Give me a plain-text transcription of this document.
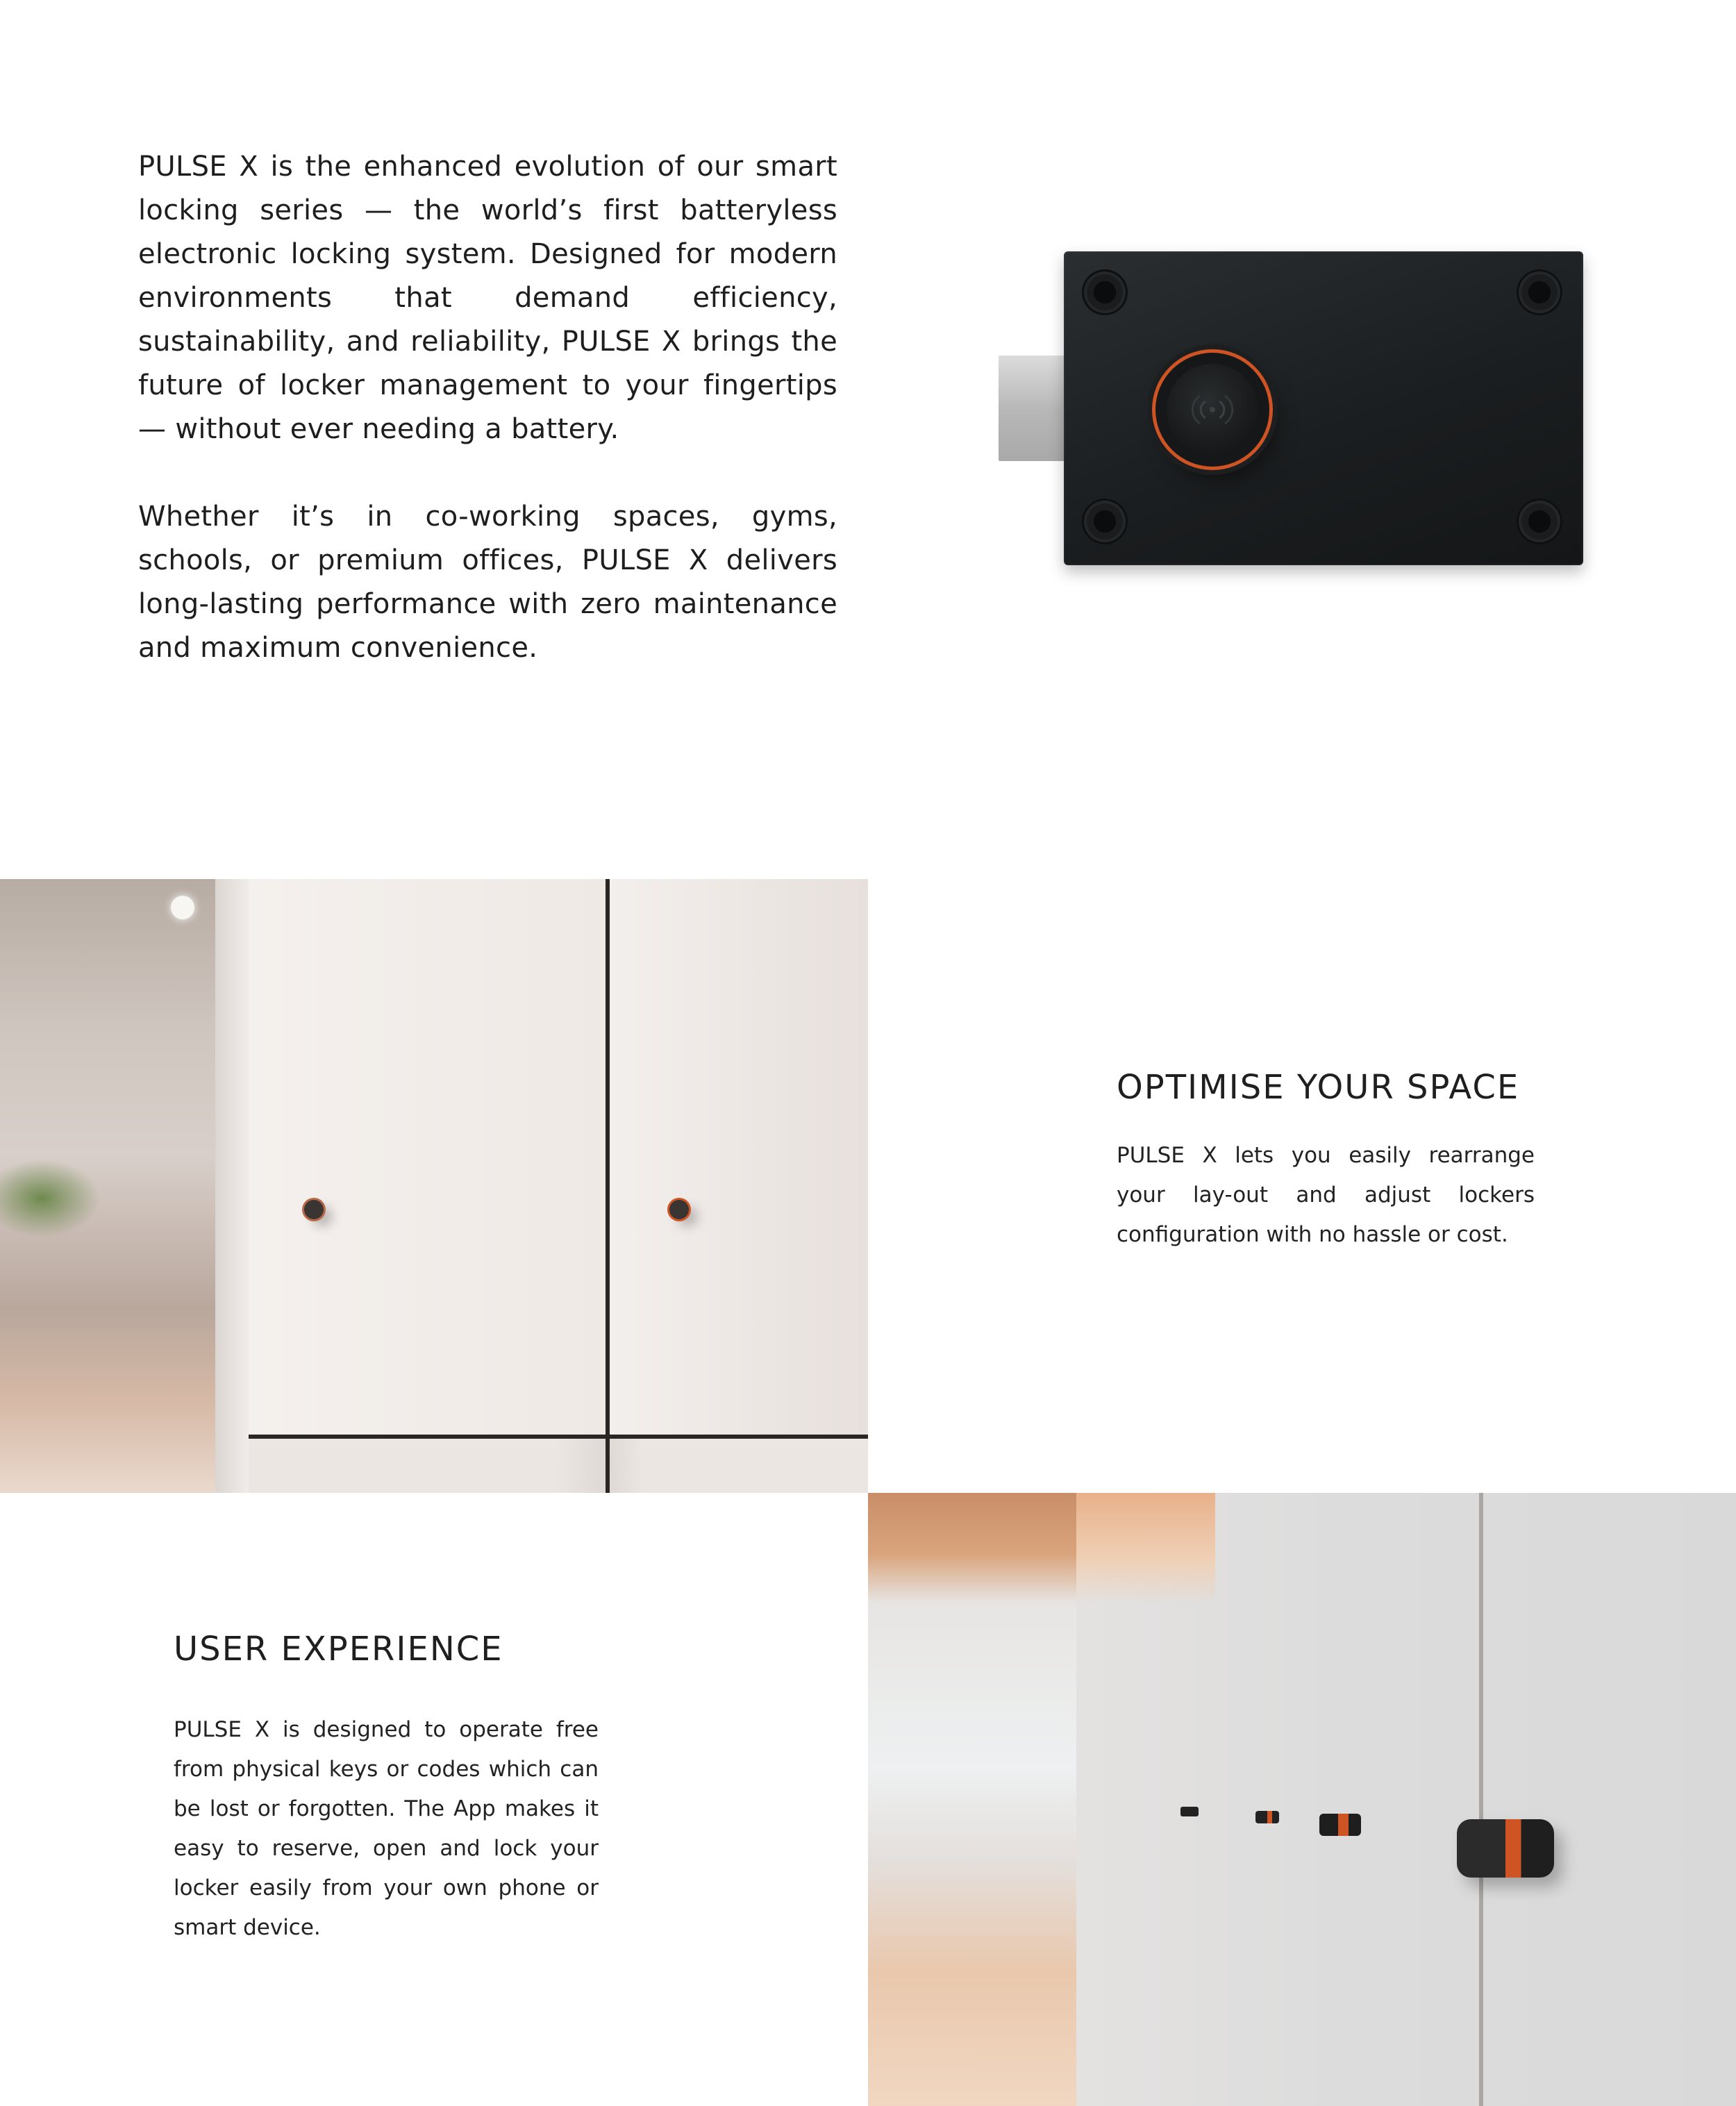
PULSE X is the enhanced evolution of our smart locking series — the world’s first batteryless electronic locking system. Designed for modern environments that demand efficiency, sustainability, and reliability, PULSE X brings the future of locker management to your fingertips — without ever needing a battery.

Whether it’s in co-working spaces, gyms, schools, or premium offices, PULSE X delivers long-lasting performance with zero maintenance and maximum convenience.

OPTIMISE YOUR SPACE

PULSE X lets you easily rearrange your lay-out and adjust lockers configuration with no hassle or cost.

USER EXPERIENCE

PULSE X is designed to operate free from physical keys or codes which can be lost or forgotten. The App makes it easy to reserve, open and lock your locker easily from your own phone or smart device.
